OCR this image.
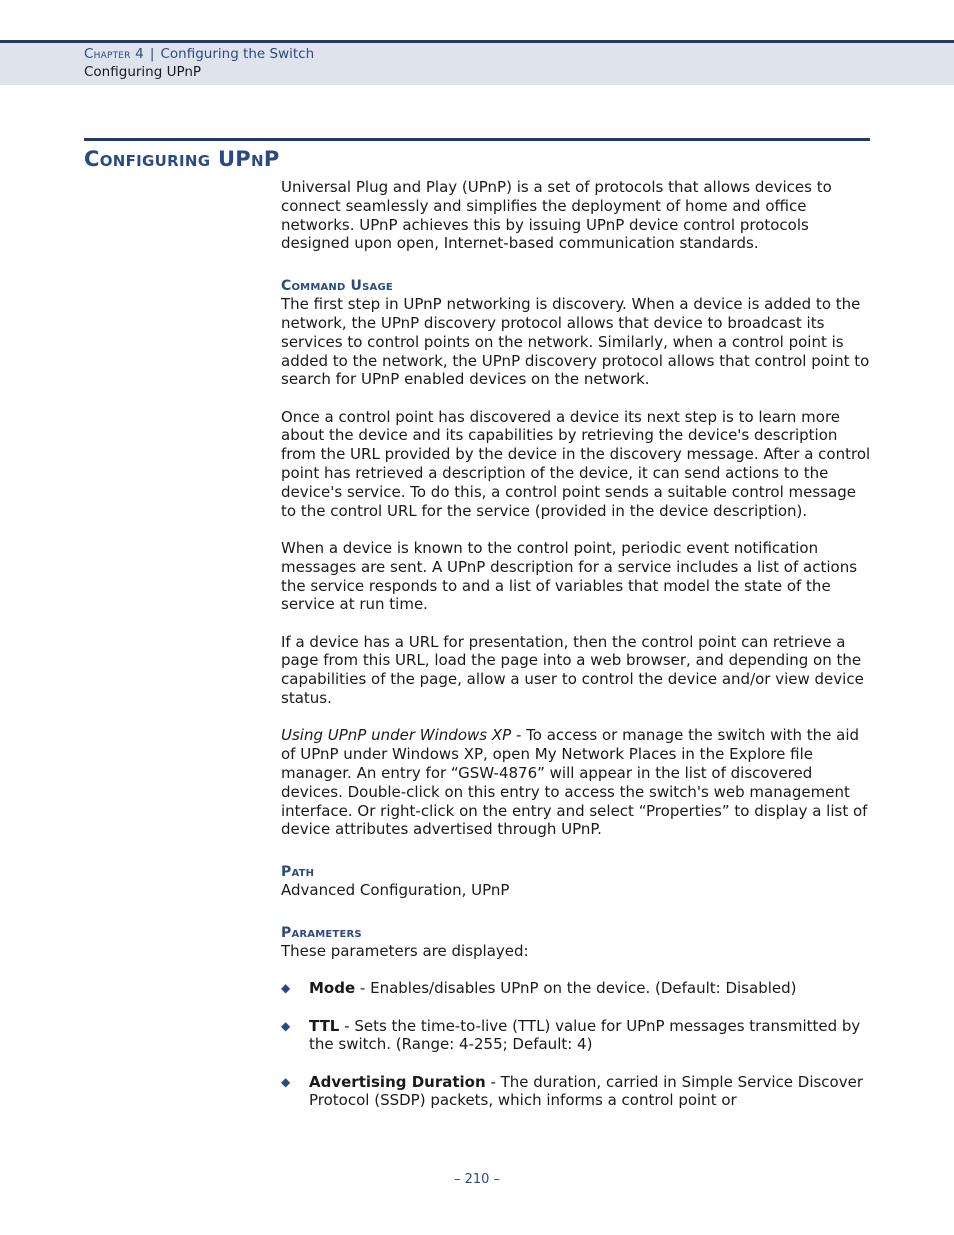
Chapter 4 | Configuring the Switch
Configuring UPnP
Configuring UPnP

Universal Plug and Play (UPnP) is a set of protocols that allows devices to connect seamlessly and simplifies the deployment of home and office networks. UPnP achieves this by issuing UPnP device control protocols designed upon open, Internet-based communication standards.

Command Usage

The first step in UPnP networking is discovery. When a device is added to the network, the UPnP discovery protocol allows that device to broadcast its services to control points on the network. Similarly, when a control point is added to the network, the UPnP discovery protocol allows that control point to search for UPnP enabled devices on the network.

Once a control point has discovered a device its next step is to learn more about the device and its capabilities by retrieving the device's description from the URL provided by the device in the discovery message. After a control point has retrieved a description of the device, it can send actions to the device's service. To do this, a control point sends a suitable control message to the control URL for the service (provided in the device description).

When a device is known to the control point, periodic event notification messages are sent. A UPnP description for a service includes a list of actions the service responds to and a list of variables that model the state of the service at run time.

If a device has a URL for presentation, then the control point can retrieve a page from this URL, load the page into a web browser, and depending on the capabilities of the page, allow a user to control the device and/or view device status.

Using UPnP under Windows XP - To access or manage the switch with the aid of UPnP under Windows XP, open My Network Places in the Explore file manager. An entry for “GSW-4876” will appear in the list of discovered devices. Double-click on this entry to access the switch's web management interface. Or right-click on the entry and select “Properties” to display a list of device attributes advertised through UPnP.

Path

Advanced Configuration, UPnP

Parameters

These parameters are displayed:

◆	Mode - Enables/disables UPnP on the device. (Default: Disabled)
◆	TTL - Sets the time-to-live (TTL) value for UPnP messages transmitted by the switch. (Range: 4-255; Default: 4)
◆	Advertising Duration - The duration, carried in Simple Service Discover Protocol (SSDP) packets, which informs a control point or
– 210 –
